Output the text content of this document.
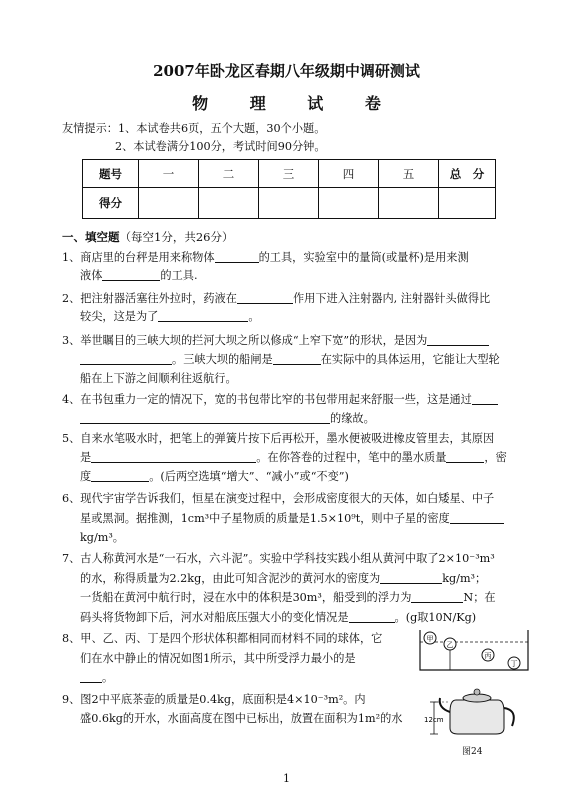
2007年卧龙区春期八年级期中调研测试
物 理 试 卷
友情提示：1、本试卷共6页，五个大题，30个小题。
2、本试卷满分100分，考试时间90分钟。
题号	一	二	三	四	五	总　分
得分						
一、填空题（每空1分，共26分）
1、商店里的台秤是用来称物体	的工具，实验室中的量筒(或量杯)是用来测
液体	的工具.
2、把注射器活塞往外拉时，药液在	作用下进入注射器内, 注射器针头做得比
较尖，这是为了	。
3、举世瞩目的三峡大坝的拦河大坝之所以修成“上窄下宽”的形状，是因为
。三峡大坝的船闸是	在实际中的具体运用，它能让大型轮
船在上下游之间顺利往返航行。
4、在书包重力一定的情况下，宽的书包带比窄的书包带用起来舒服一些，这是通过
的缘故。
5、自来水笔吸水时，把笔上的弹簧片按下后再松开，墨水便被吸进橡皮管里去，其原因
是	。在你答卷的过程中，笔中的墨水质量	，密
度	。(后两空选填“增大”、“减小”或“不变”)
6、现代宇宙学告诉我们，恒星在演变过程中，会形成密度很大的天体，如白矮星、中子
星或黑洞。据推测，1cm³中子星物质的质量是1.5×10⁹t，则中子星的密度
kg/m³。
7、古人称黄河水是“一石水，六斗泥”。实验中学科技实践小组从黄河中取了2×10⁻³m³
的水，称得质量为2.2kg，由此可知含泥沙的黄河水的密度为	kg/m³；
一货船在黄河中航行时，浸在水中的体积是30m³，船受到的浮力为	N；在
码头将货物卸下后，河水对船底压强大小的变化情况是	。(g取10N/Kg)
8、甲、乙、丙、丁是四个形状体积都相同而材料不同的球体，它
们在水中静止的情况如图1所示，其中所受浮力最小的是
。
甲
乙
丙
丁
9、图2中平底茶壶的质量是0.4kg，底面积是4×10⁻³m²。内
盛0.6kg的开水，水面高度在图中已标出，放置在面积为1m²的水	12cm
图24
1
